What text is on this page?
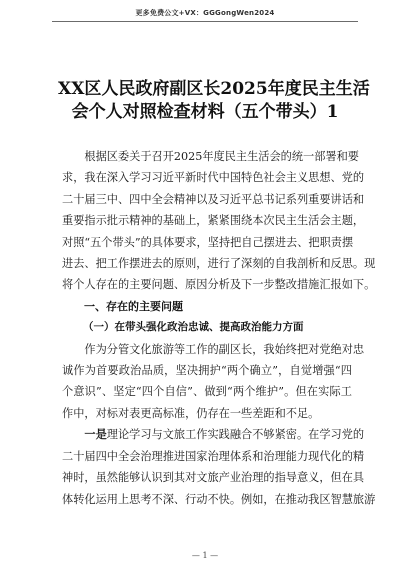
更多免费公文+VX：GGGongWen2024
XX区人民政府副区长2025年度民主生活
会个人对照检查材料（五个带头）1

根据区委关于召开2025年度民主生活会的统一部署和要
求，我在深入学习习近平新时代中国特色社会主义思想、党的
二十届三中、四中全会精神以及习近平总书记系列重要讲话和
重要指示批示精神的基础上，紧紧围绕本次民主生活会主题，
对照“五个带头”的具体要求，坚持把自己摆进去、把职责摆
进去、把工作摆进去的原则，进行了深刻的自我剖析和反思。现
将个人存在的主要问题、原因分析及下一步整改措施汇报如下。

一、存在的主要问题

（一）在带头强化政治忠诚、提高政治能力方面

作为分管文化旅游等工作的副区长，我始终把对党绝对忠
诚作为首要政治品质，坚决拥护“两个确立”，自觉增强“四
个意识”、坚定“四个自信”、做到“两个维护”。但在实际工
作中，对标对表更高标准，仍存在一些差距和不足。

一是理论学习与文旅工作实践融合不够紧密。在学习党的
二十届四中全会治理推进国家治理体系和治理能力现代化的精
神时，虽然能够认识到其对文旅产业治理的指导意义，但在具
体转化运用上思考不深、行动不快。例如，在推动我区智慧旅游

— 1 —
